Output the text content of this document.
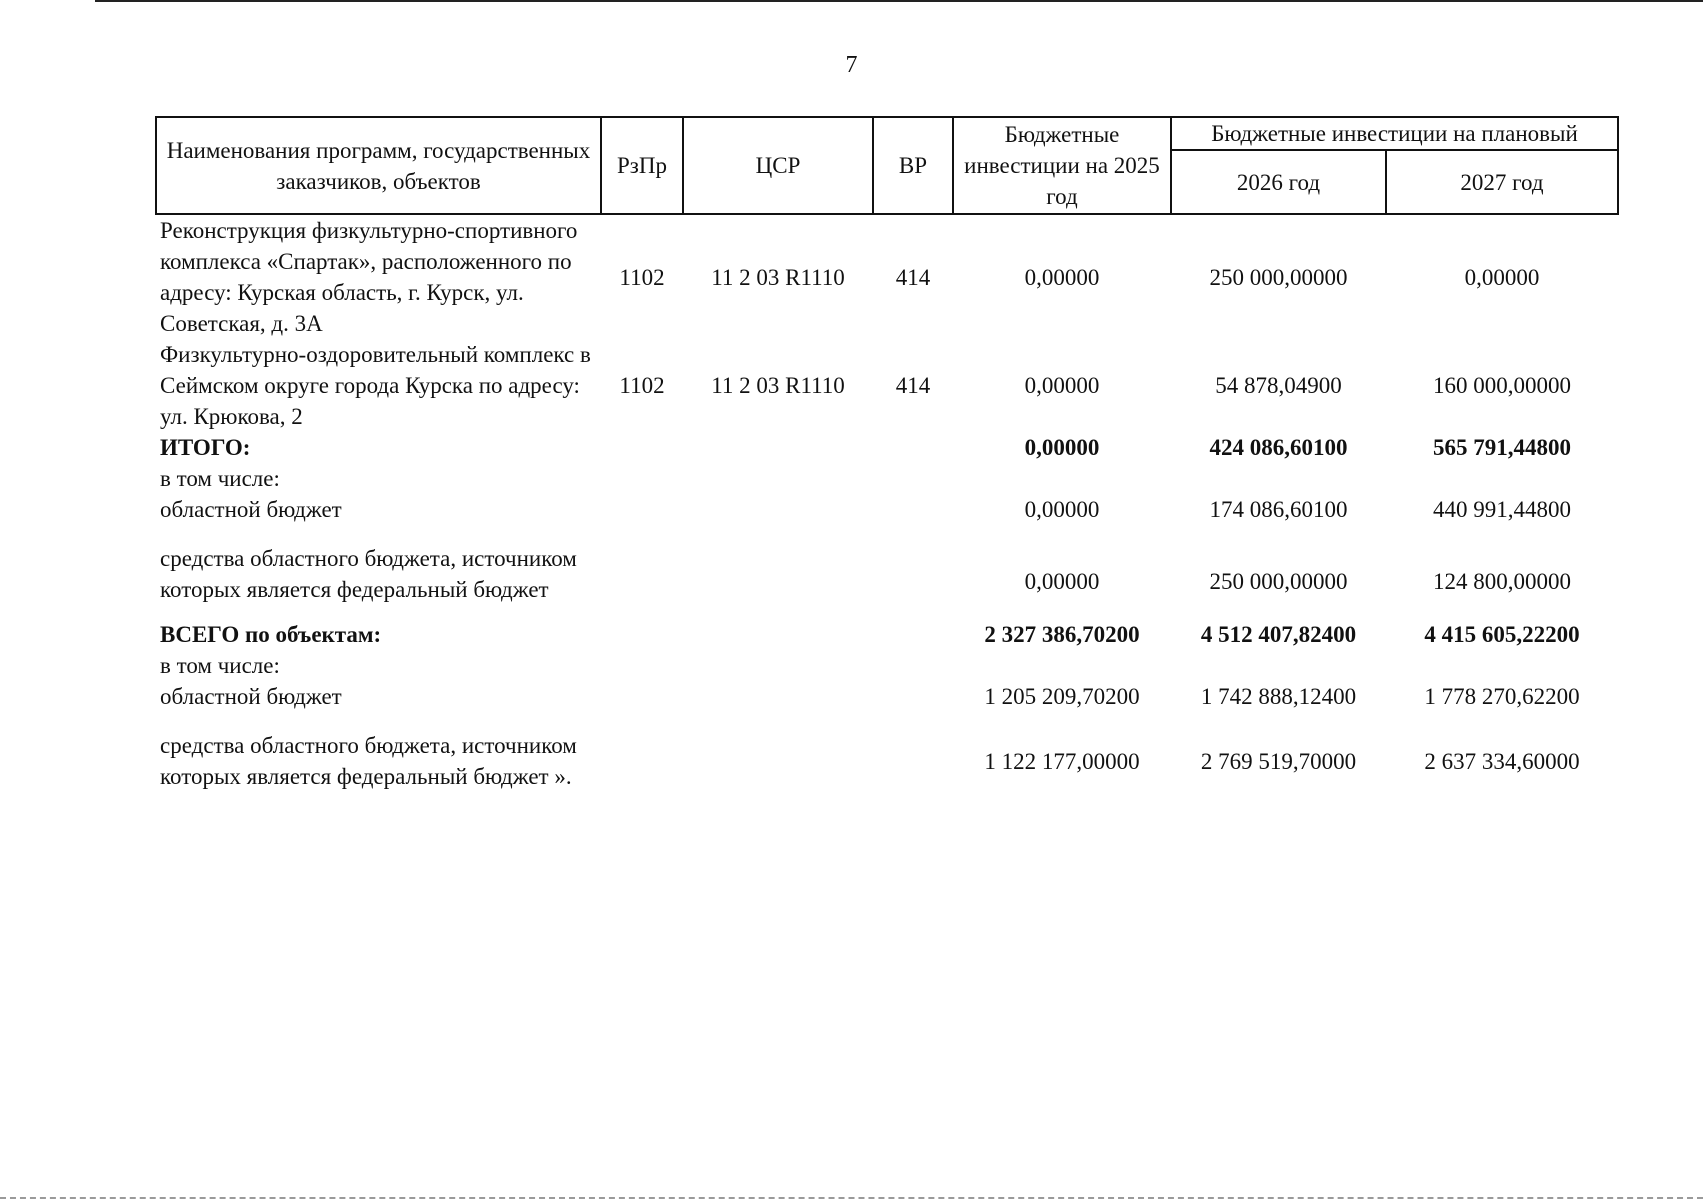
7
Наименования программ, государственных заказчиков, объектов	РзПр	ЦСР	ВР	Бюджетные инвестиции на 2025 год	Бюджетные инвестиции на плановый	
					2026 год	2027 год
Реконструкция физкультурно-спортивного комплекса «Спартак», расположенного по адресу: Курская область, г. Курск, ул. Советская, д. 3А	1102	11 2 03 R1110	414	0,00000	250 000,00000	0,00000
Физкультурно-оздоровительный комплекс в Сеймском округе города Курска по адресу: ул. Крюкова, 2	1102	11 2 03 R1110	414	0,00000	54 878,04900	160 000,00000
ИТОГО:				0,00000	424 086,60100	565 791,44800
в том числе:						
областной бюджет				0,00000	174 086,60100	440 991,44800
средства областного бюджета, источником которых является федеральный бюджет				0,00000	250 000,00000	124 800,00000
ВСЕГО по объектам:				2 327 386,70200	4 512 407,82400	4 415 605,22200
в том числе:						
областной бюджет				1 205 209,70200	1 742 888,12400	1 778 270,62200
средства областного бюджета, источником которых является федеральный бюджет ».				1 122 177,00000	2 769 519,70000	2 637 334,60000
